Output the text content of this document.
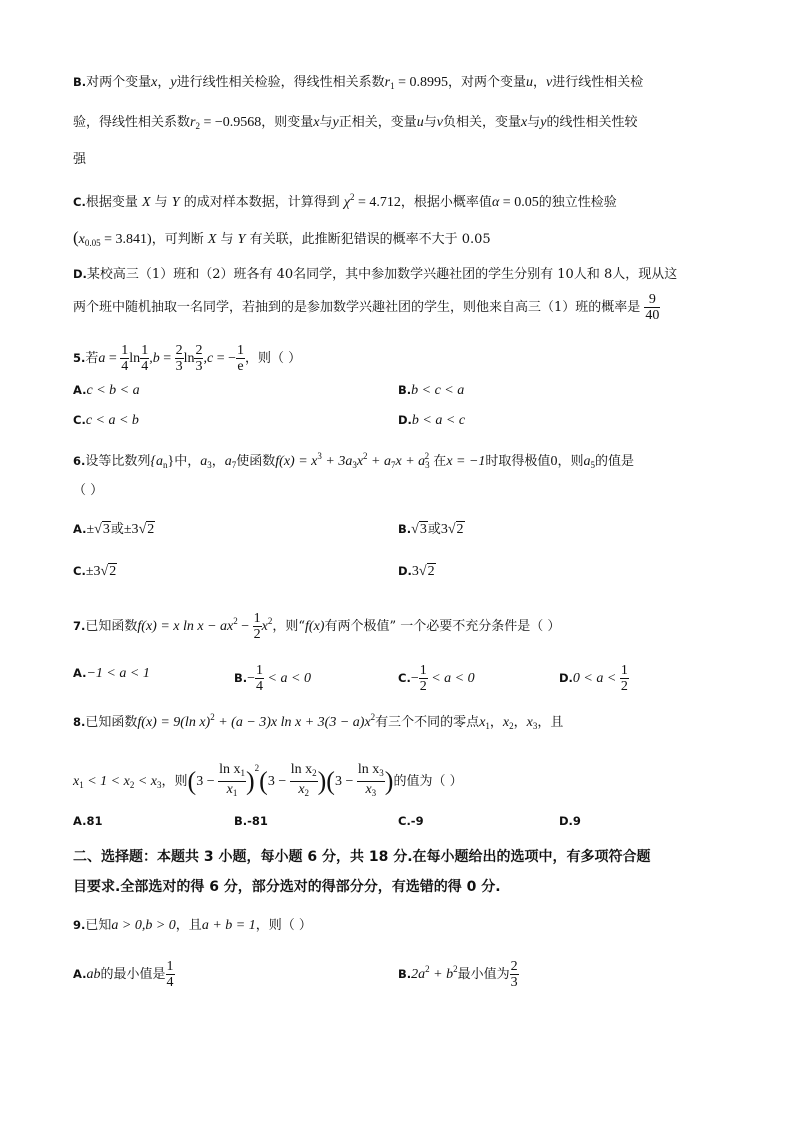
B.对两个变量x，y进行线性相关检验，得线性相关系数$r_1 = 0.8995$，对两个变量u，v进行线性相关检
验，得线性相关系数$r_2 = -0.9568$，则变量x与y正相关，变量u与v负相关，变量x与y的线性相关性较
强
C.根据变量 X 与 Y 的成对样本数据，计算得到 $\chi^2 = 4.712$，根据小概率值α = 0.05的独立性检验
$(x_{0.05} = 3.841)$，可判断 X 与 Y 有关联，此推断犯错误的概率不大于 0.05
D.某校高三（1）班和（2）班各有 40名同学，其中参加数学兴趣社团的学生分别有 10人和 8人，现从这
两个班中随机抽取一名同学，若抽到的是参加数学兴趣社团的学生，则他来自高三（1）班的概率是 $\frac{9}{40}$
5.若$a = \frac{1}{4}$ $\ln \frac{1}{4} ,b = \frac{2}{3}$ $\ln \frac{2}{3} ,c$ = − $\frac{1}{e}$ ，则（ ）
A.c < b < a	B.b < c < a
C.c < a < b	D.b < a < c
6.设等比数列$\{a_n\}$中，$a_3$，$a_7$使函数$f(x) = x^3 + 3a_3x^2 + a_7x + a_3^2$ 在x = −1时取得极值0，则$a_5$的值是
（ ）
A.±√3或±3√2	B.√3或3√2
C.±3√2	D.3√2
7.已知函数f(x) = x $\ln x - ax^2 - \frac{1}{2} x^2$，则“f(x)有两个极值” 一个必要不充分条件是（ ）
A.−1 < a < 1	$B.- \frac{1}{4} < a < 0$	$C.- \frac{1}{2} < a < 0$	$D.0 < a < \frac{1}{2}$
8.已知函数f(x) = 9(ln x)$^2$ + (a − 3)x $\ln x + 3(3 - a)x^2$有三个不同的零点$x_1$，$x_2$，$x_3$，且
$x_1 < 1 < x_2 < x_3$，则$(3 - \frac{\ln x_1}{x_1} )^2(3 - \frac{\ln x_2}{x_2} )(3 - \frac{\ln x_3}{x_3}$ )的值为（ ）
A.81	B.-81	C.-9	D.9
二、选择题：本题共 3 小题，每小题 6 分，共 18 分.在每小题给出的选项中，有多项符合题
目要求.全部选对的得 6 分，部分选对的得部分分，有选错的得 0 分.
9.已知a > 0,b > 0，且a + b = 1，则（ ）
A.ab的最小值是 $\frac{1}{4}$	$B.2a^2 + b^2$最小值为 $\frac{2}{3}$
